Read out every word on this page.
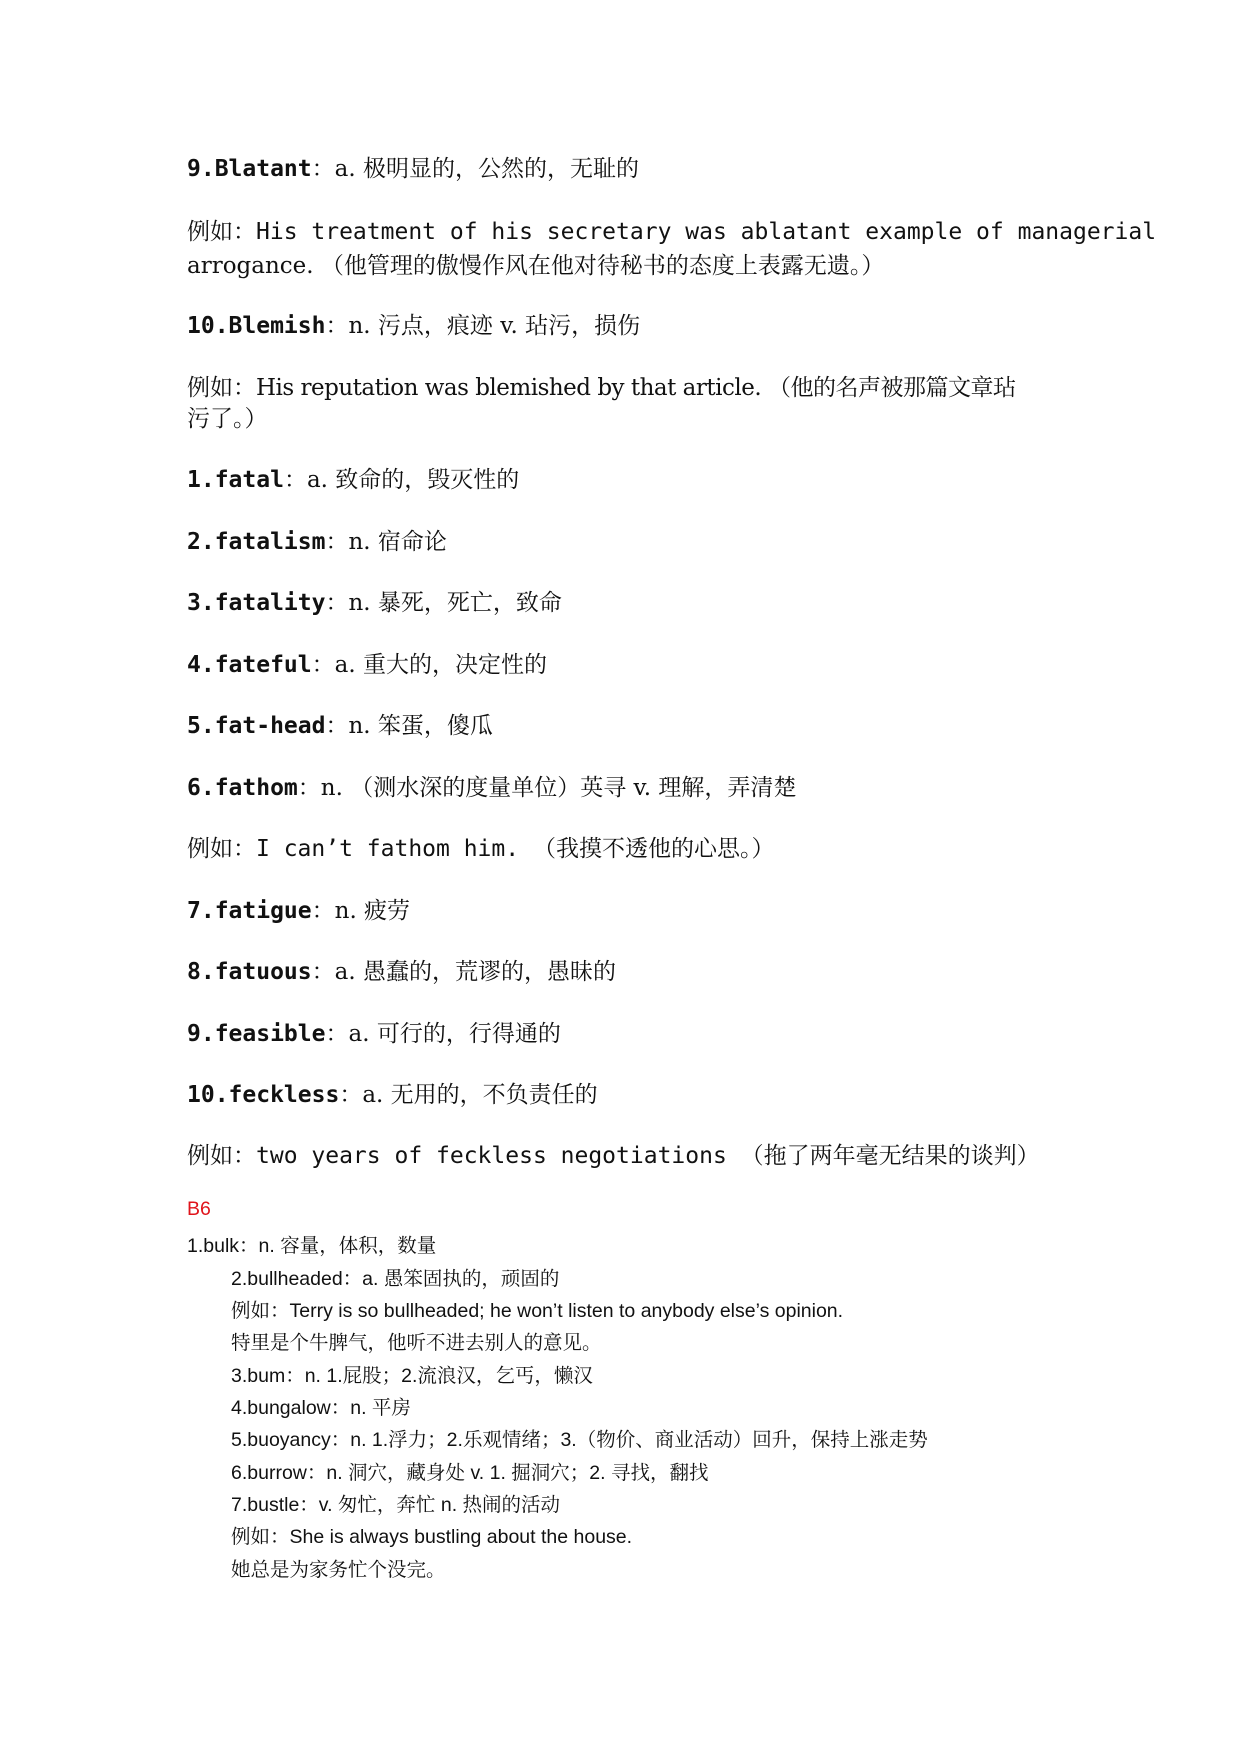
9.Blatant：a. 极明显的，公然的，无耻的
例如：His treatment of his secretary was ablatant example of managerial
arrogance. （他管理的傲慢作风在他对待秘书的态度上表露无遗。）
10.Blemish：n. 污点，痕迹 v. 玷污，损伤
例如：His reputation was blemished by that article. （他的名声被那篇文章玷
污了。）
1.fatal：a. 致命的，毁灭性的
2.fatalism：n. 宿命论
3.fatality：n. 暴死，死亡，致命
4.fateful：a. 重大的，决定性的
5.fat-head：n. 笨蛋，傻瓜
6.fathom：n. （测水深的度量单位）英寻 v. 理解，弄清楚
例如：I can’t fathom him. （我摸不透他的心思。）
7.fatigue：n. 疲劳
8.fatuous：a. 愚蠢的，荒谬的，愚昧的
9.feasible：a. 可行的，行得通的
10.feckless：a. 无用的，不负责任的
例如：two years of feckless negotiations （拖了两年毫无结果的谈判）
B6
1.bulk：n. 容量，体积，数量
2.bullheaded：a. 愚笨固执的，顽固的
例如：Terry is so bullheaded; he won’t listen to anybody else’s opinion.
特里是个牛脾气，他听不进去别人的意见。
3.bum：n. 1.屁股；2.流浪汉，乞丐，懒汉
4.bungalow：n. 平房
5.buoyancy：n. 1.浮力；2.乐观情绪；3.（物价、商业活动）回升，保持上涨走势
6.burrow：n. 洞穴，藏身处 v. 1. 掘洞穴；2. 寻找，翻找
7.bustle：v. 匆忙，奔忙 n. 热闹的活动
例如：She is always bustling about the house.
她总是为家务忙个没完。
